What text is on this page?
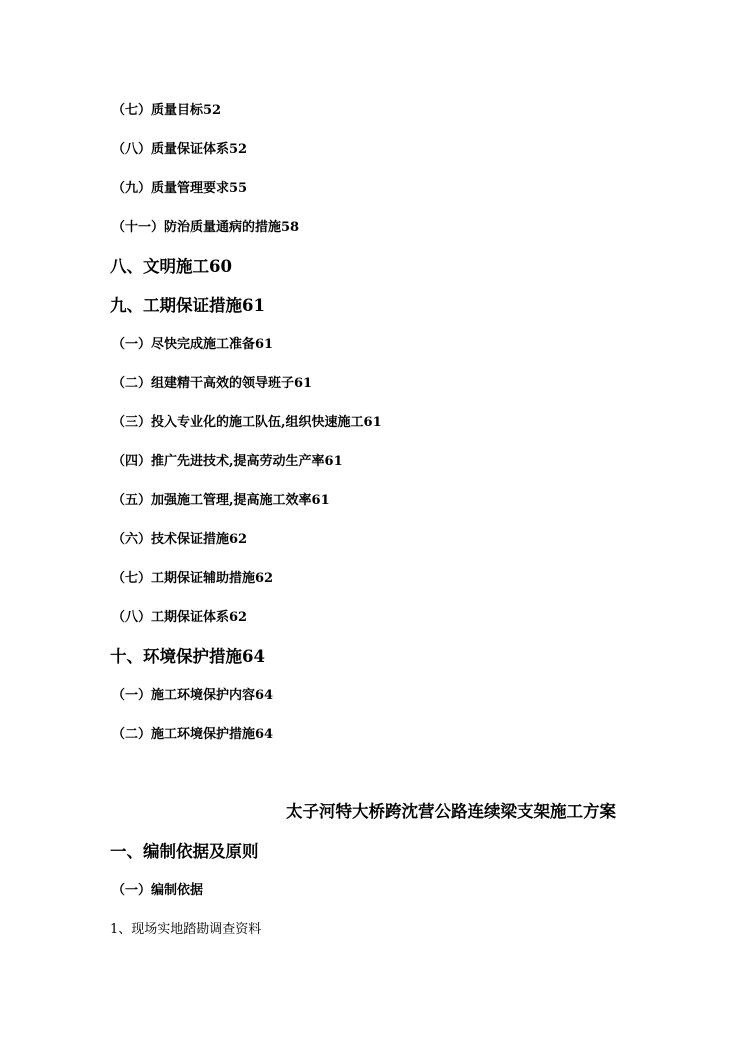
（七）质量目标52
（八）质量保证体系52
（九）质量管理要求55
（十一）防治质量通病的措施58
八、文明施工60
九、工期保证措施61
（一）尽快完成施工准备61
（二）组建精干高效的领导班子61
（三）投入专业化的施工队伍,组织快速施工61
（四）推广先进技术,提高劳动生产率61
（五）加强施工管理,提高施工效率61
（六）技术保证措施62
（七）工期保证辅助措施62
（八）工期保证体系62
十、环境保护措施64
（一）施工环境保护内容64
（二）施工环境保护措施64
太子河特大桥跨沈营公路连续梁支架施工方案
一、编制依据及原则
（一）编制依据
1、现场实地踏勘调查资料
